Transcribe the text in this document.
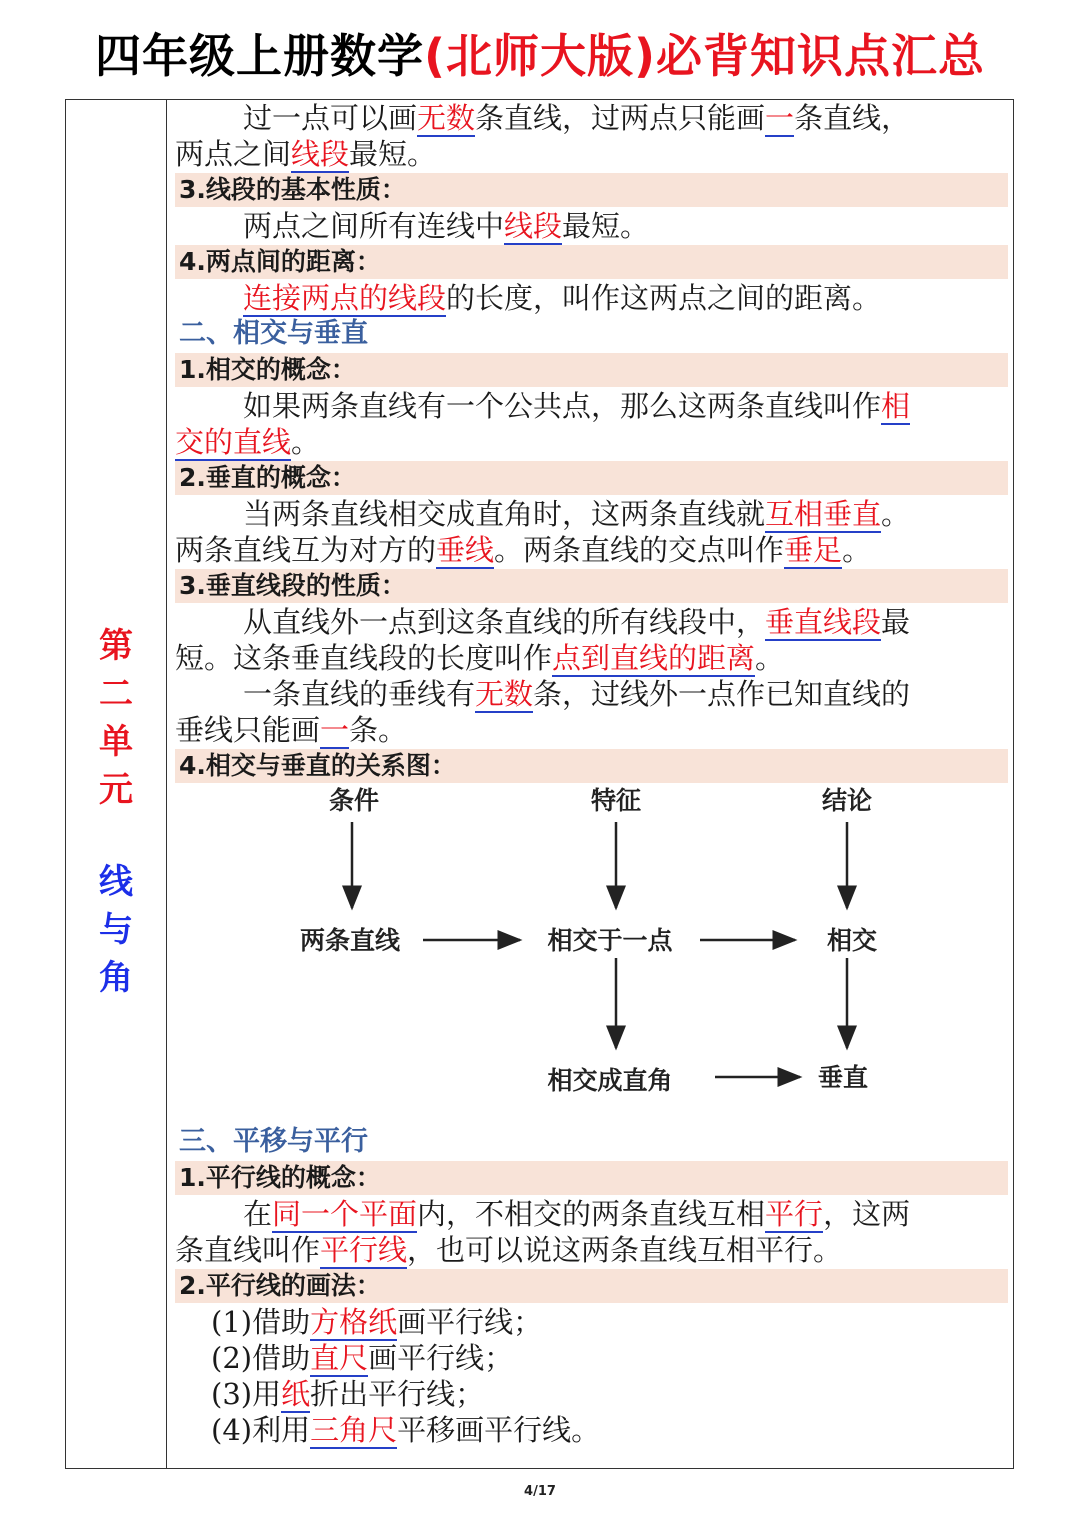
四年级上册数学(北师大版)必背知识点汇总
第
二
单
元
线
与
角
过一点可以画无数条直线，过两点只能画一条直线，
两点之间线段最短。
3.线段的基本性质：
两点之间所有连线中线段最短。
4.两点间的距离：
连接两点的线段的长度，叫作这两点之间的距离。
二、相交与垂直
1.相交的概念：
如果两条直线有一个公共点，那么这两条直线叫作相
交的直线。
2.垂直的概念：
当两条直线相交成直角时，这两条直线就互相垂直。
两条直线互为对方的垂线。两条直线的交点叫作垂足。
3.垂直线段的性质：
从直线外一点到这条直线的所有线段中，垂直线段最
短。这条垂直线段的长度叫作点到直线的距离。
一条直线的垂线有无数条，过线外一点作已知直线的
垂线只能画一条。
4.相交与垂直的关系图：
条件	特征	结论
两条直线	相交于一点	相交
相交成直角	垂直
三、平移与平行
1.平行线的概念：
在同一个平面内，不相交的两条直线互相平行，这两
条直线叫作平行线，也可以说这两条直线互相平行。
2.平行线的画法：
(1)借助方格纸画平行线；
(2)借助直尺画平行线；
(3)用纸折出平行线；
(4)利用三角尺平移画平行线。
4/17
